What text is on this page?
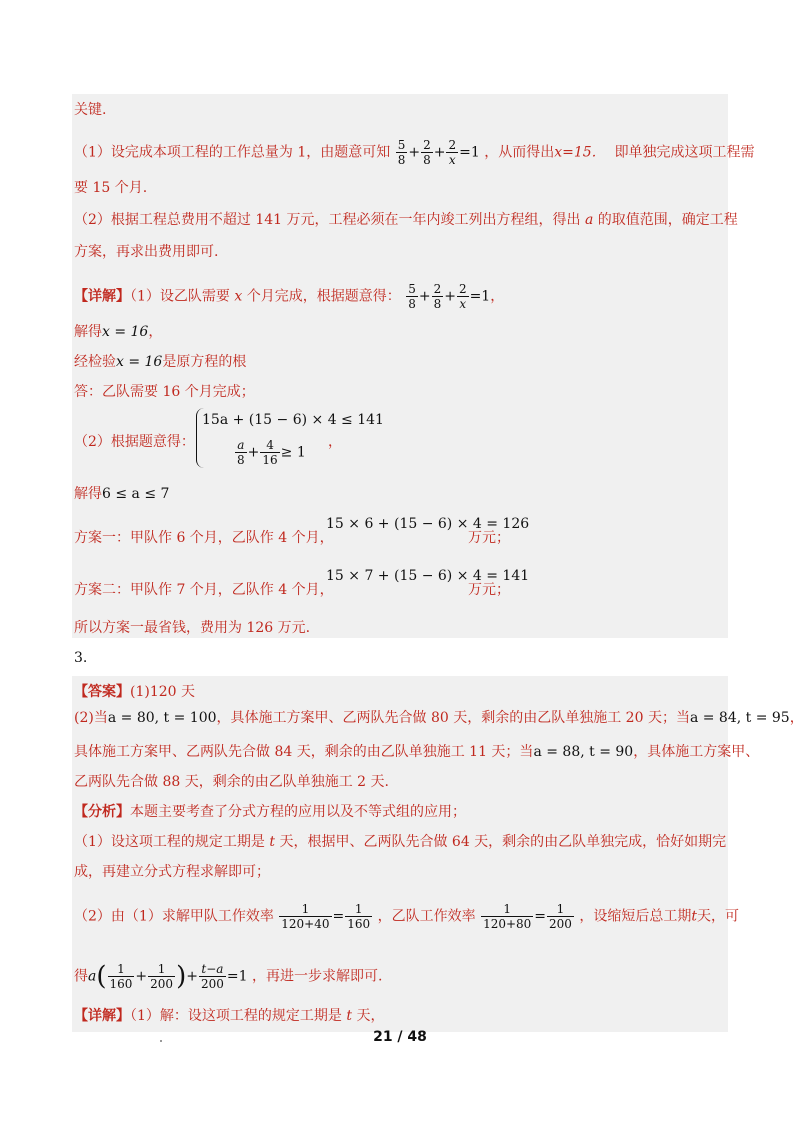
关键.
（1）设完成本项工程的工作总量为 1，由题意可知 $\frac{5}{8} + \frac{2}{8} + \frac{2}{x} =1$ ，从而得出x=15． 即单独完成这项工程需
要 15 个月.
（2）根据工程总费用不超过 141 万元，工程必须在一年内竣工列出方程组，得出 a 的取值范围，确定工程
方案，再求出费用即可.
【详解】（1）设乙队需要 x 个月完成，根据题意得： $\frac{5}{8} + \frac{2}{8} + \frac{2}{x} =1$，
解得x = 16，
经检验x = 16是原方程的根
答：乙队需要 16 个月完成；
（2）根据题意得：
15a + (15 − 6) × 4 ≤ 141
$\frac{a}{8} + \frac{4}{16} \ge 1$
，
解得6 ≤ a ≤ 7
方案一：甲队作 6 个月，乙队作 4 个月，
15 × 6 + (15 − 6) × 4 = 126
万元；
方案二：甲队作 7 个月，乙队作 4 个月，
15 × 7 + (15 − 6) × 4 = 141
万元；
所以方案一最省钱，费用为 126 万元.
3.
【答案】(1)120 天
(2)当a = 80, t = 100，具体施工方案甲、乙两队先合做 80 天，剩余的由乙队单独施工 20 天；当a = 84, t = 95，
具体施工方案甲、乙两队先合做 84 天，剩余的由乙队单独施工 11 天；当a = 88, t = 90，具体施工方案甲、
乙两队先合做 88 天，剩余的由乙队单独施工 2 天.
【分析】本题主要考查了分式方程的应用以及不等式组的应用；
（1）设这项工程的规定工期是 t 天，根据甲、乙两队先合做 64 天，剩余的由乙队单独完成，恰好如期完
成，再建立分式方程求解即可；
（2）由（1）求解甲队工作效率 $\frac{1}{120+40} = \frac{1}{160}$ ，乙队工作效率 $\frac{1}{120+80} = \frac{1}{200}$ ，设缩短后总工期t天，可
得$a( \frac{1}{160} + \frac{1}{200}$ )+ $\frac{t-a}{200} =1$ ，再进一步求解即可.
【详解】（1）解：设这项工程的规定工期是 t 天，
21 / 48
